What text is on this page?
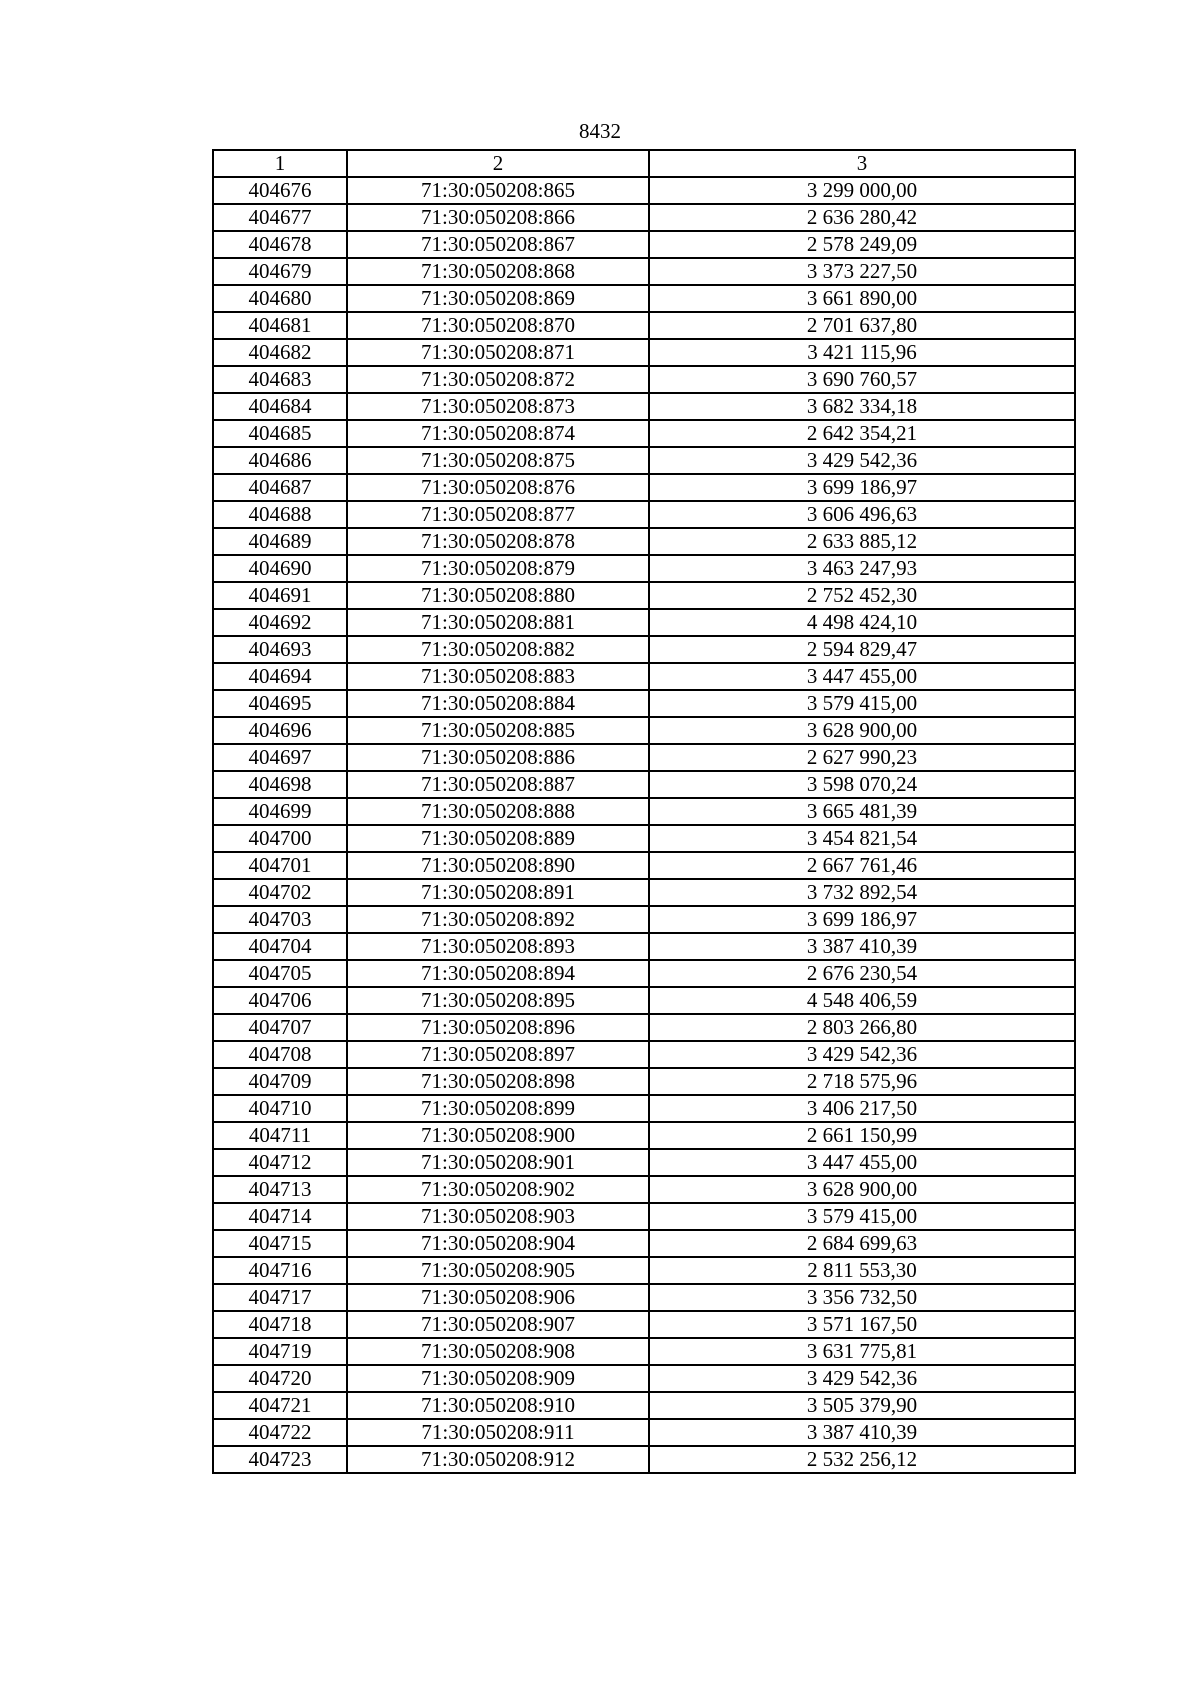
8432
1	2	3
404676	71:30:050208:865	3 299 000,00
404677	71:30:050208:866	2 636 280,42
404678	71:30:050208:867	2 578 249,09
404679	71:30:050208:868	3 373 227,50
404680	71:30:050208:869	3 661 890,00
404681	71:30:050208:870	2 701 637,80
404682	71:30:050208:871	3 421 115,96
404683	71:30:050208:872	3 690 760,57
404684	71:30:050208:873	3 682 334,18
404685	71:30:050208:874	2 642 354,21
404686	71:30:050208:875	3 429 542,36
404687	71:30:050208:876	3 699 186,97
404688	71:30:050208:877	3 606 496,63
404689	71:30:050208:878	2 633 885,12
404690	71:30:050208:879	3 463 247,93
404691	71:30:050208:880	2 752 452,30
404692	71:30:050208:881	4 498 424,10
404693	71:30:050208:882	2 594 829,47
404694	71:30:050208:883	3 447 455,00
404695	71:30:050208:884	3 579 415,00
404696	71:30:050208:885	3 628 900,00
404697	71:30:050208:886	2 627 990,23
404698	71:30:050208:887	3 598 070,24
404699	71:30:050208:888	3 665 481,39
404700	71:30:050208:889	3 454 821,54
404701	71:30:050208:890	2 667 761,46
404702	71:30:050208:891	3 732 892,54
404703	71:30:050208:892	3 699 186,97
404704	71:30:050208:893	3 387 410,39
404705	71:30:050208:894	2 676 230,54
404706	71:30:050208:895	4 548 406,59
404707	71:30:050208:896	2 803 266,80
404708	71:30:050208:897	3 429 542,36
404709	71:30:050208:898	2 718 575,96
404710	71:30:050208:899	3 406 217,50
404711	71:30:050208:900	2 661 150,99
404712	71:30:050208:901	3 447 455,00
404713	71:30:050208:902	3 628 900,00
404714	71:30:050208:903	3 579 415,00
404715	71:30:050208:904	2 684 699,63
404716	71:30:050208:905	2 811 553,30
404717	71:30:050208:906	3 356 732,50
404718	71:30:050208:907	3 571 167,50
404719	71:30:050208:908	3 631 775,81
404720	71:30:050208:909	3 429 542,36
404721	71:30:050208:910	3 505 379,90
404722	71:30:050208:911	3 387 410,39
404723	71:30:050208:912	2 532 256,12
